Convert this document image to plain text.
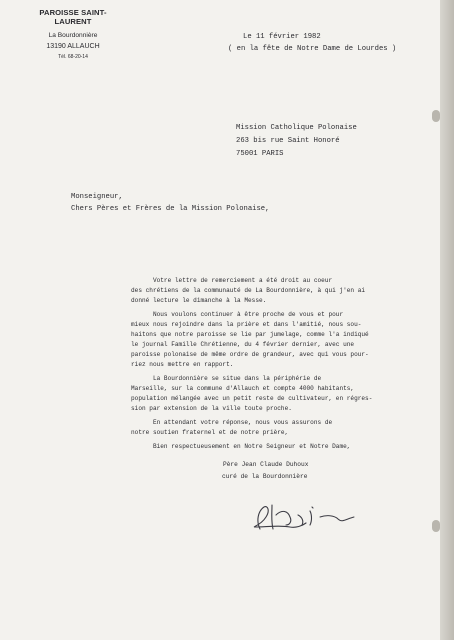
PAROISSE SAINT-LAURENT
La Bourdonnière
13190 ALLAUCH
Tél. 68-20-14
Le 11 février 1982
( en la fête de Notre Dame de Lourdes )
Mission Catholique Polonaise
263 bis rue Saint Honoré
75001 PARIS
Monseigneur,
Chers Pères et Frères de la Mission Polonaise,
Votre lettre de remerciement a été droit au coeur
des chrétiens de la communauté de La Bourdonnière, à qui j'en ai
donné lecture le dimanche à la Messe.
Nous voulons continuer à être proche de vous et pour
mieux nous rejoindre dans la prière et dans l'amitié, nous sou-
haitons que notre paroisse se lie par jumelage, comme l'a indiqué
le journal Famille Chrétienne, du 4 février dernier, avec une
paroisse polonaise de même ordre de grandeur, avec qui vous pour-
riez nous mettre en rapport.
La Bourdonnière se situe dans la périphérie de
Marseille, sur la commune d'Allauch et compte 4000 habitants,
population mélangée avec un petit reste de cultivateur, en régres-
sion par extension de la ville toute proche.
En attendant votre réponse, nous vous assurons de
notre soutien fraternel et de notre prière,
Bien respectueusement en Notre Seigneur et Notre Dame,
Père Jean Claude Duhoux
curé de la Bourdonnière
